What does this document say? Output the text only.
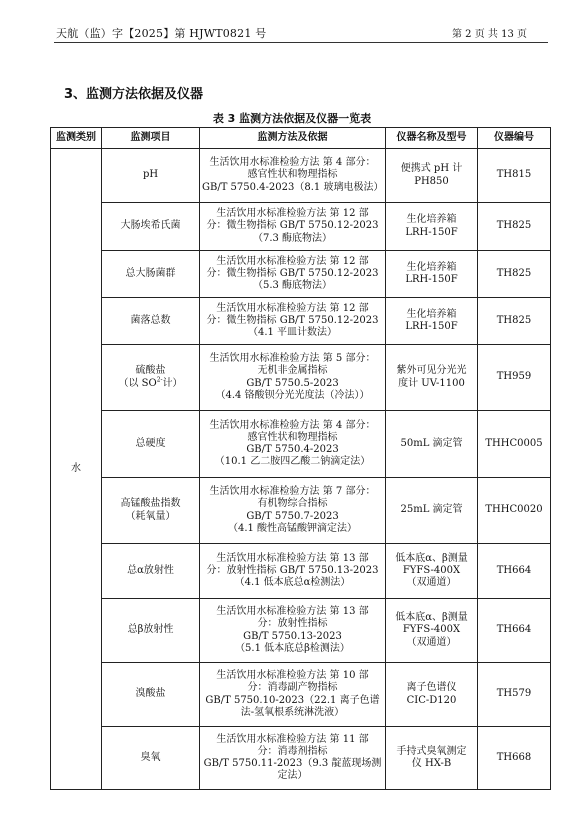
天航（监）字【2025】第 HJWT0821 号	第 2 页 共 13 页
3、监测方法依据及仪器
表 3 监测方法依据及仪器一览表
监测类别	监测项目	监测方法及依据	仪器名称及型号	仪器编号
水	pH	生活饮用水标准检验方法 第 4 部分：
感官性状和物理指标
GB/T 5750.4-2023（8.1 玻璃电极法）	便携式 pH 计
PH850	TH815

	大肠埃希氏菌	生活饮用水标准检验方法 第 12 部
分：微生物指标 GB/T 5750.12-2023
（7.3 酶底物法）	生化培养箱
LRH-150F	TH825

	总大肠菌群	生活饮用水标准检验方法 第 12 部
分：微生物指标 GB/T 5750.12-2023
（5.3 酶底物法）	生化培养箱
LRH-150F	TH825

	菌落总数	生活饮用水标准检验方法 第 12 部
分：微生物指标 GB/T 5750.12-2023
（4.1 平皿计数法）	生化培养箱
LRH-150F	TH825

	硫酸盐
（以 $SO^{2-}$计）	生活饮用水标准检验方法 第 5 部分：
无机非金属指标
GB/T 5750.5-2023
（4.4 铬酸钡分光光度法（冷法））	紫外可见分光光
度计 UV-1100	TH959

	总硬度	生活饮用水标准检验方法 第 4 部分：
感官性状和物理指标
GB/T 5750.4-2023
（10.1 乙二胺四乙酸二钠滴定法）	50mL 滴定管	THHC0005

	高锰酸盐指数
（耗氧量）	生活饮用水标准检验方法 第 7 部分：
有机物综合指标
GB/T 5750.7-2023
（4.1 酸性高锰酸钾滴定法）	25mL 滴定管	THHC0020

	总α放射性	生活饮用水标准检验方法 第 13 部
分：放射性指标 GB/T 5750.13-2023
（4.1 低本底总α检测法）	低本底α、β测量
FYFS-400X
（双通道）	TH664

	总β放射性	生活饮用水标准检验方法 第 13 部
分：放射性指标
GB/T 5750.13-2023
（5.1 低本底总β检测法）	低本底α、β测量
FYFS-400X
（双通道）	TH664

	溴酸盐	生活饮用水标准检验方法 第 10 部
分：消毒副产物指标
GB/T 5750.10-2023（22.1 离子色谱
法-氢氧根系统淋洗液）	离子色谱仪
CIC-D120	TH579

	臭氧	生活饮用水标准检验方法 第 11 部
分：消毒剂指标
GB/T 5750.11-2023（9.3 靛蓝现场测
定法）	手持式臭氧测定
仪 HX-B	TH668
